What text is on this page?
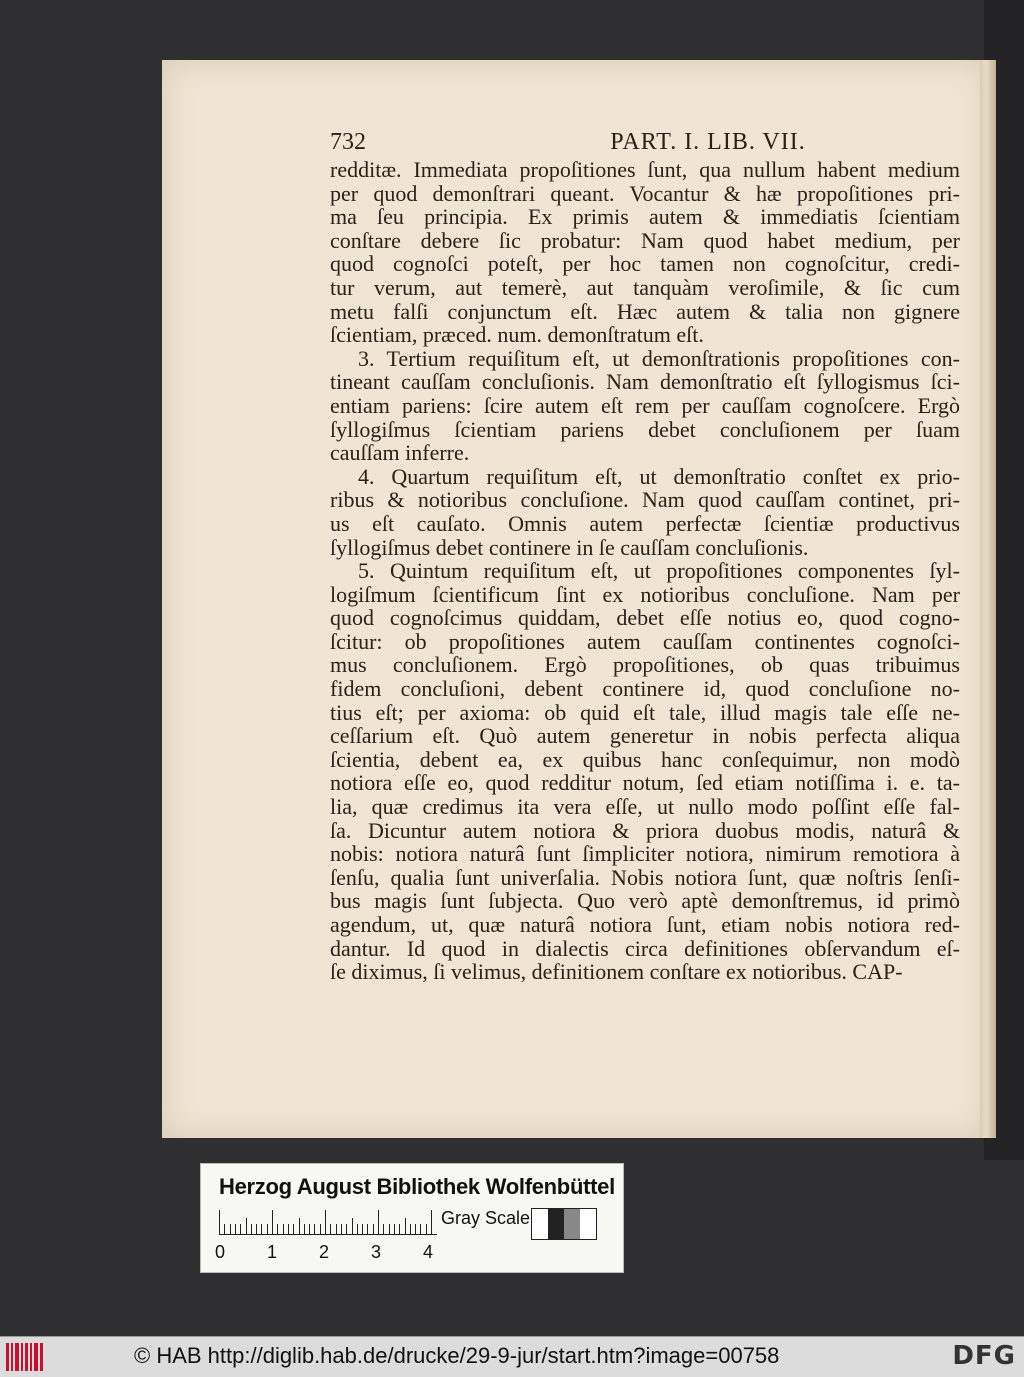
732	PART. I. LIB. VII.
redditæ. Immediata propoſitiones ſunt, qua nullum habent medium
per quod demonſtrari queant. Vocantur & hæ propoſitiones pri-
ma ſeu principia. Ex primis autem & immediatis ſcientiam
conſtare debere ſic probatur: Nam quod habet medium, per
quod cognoſci poteſt, per hoc tamen non cognoſcitur, credi-
tur verum, aut temerè, aut tanquàm veroſimile, & ſic cum
metu falſi conjunctum eſt. Hæc autem & talia non gignere
ſcientiam, præced. num. demonſtratum eſt.
3. Tertium requiſitum eſt, ut demonſtrationis propoſitiones con-
tineant cauſſam concluſionis. Nam demonſtratio eſt ſyllogismus ſci-
entiam pariens: ſcire autem eſt rem per cauſſam cognoſcere. Ergò
ſyllogiſmus ſcientiam pariens debet concluſionem per ſuam
cauſſam inferre.
4. Quartum requiſitum eſt, ut demonſtratio conſtet ex prio-
ribus & notioribus concluſione. Nam quod cauſſam continet, pri-
us eſt cauſato. Omnis autem perfectæ ſcientiæ productivus
ſyllogiſmus debet continere in ſe cauſſam concluſionis.
5. Quintum requiſitum eſt, ut propoſitiones componentes ſyl-
logiſmum ſcientificum ſint ex notioribus concluſione. Nam per
quod cognoſcimus quiddam, debet eſſe notius eo, quod cogno-
ſcitur: ob propoſitiones autem cauſſam continentes cognoſci-
mus concluſionem. Ergò propoſitiones, ob quas tribuimus
fidem concluſioni, debent continere id, quod concluſione no-
tius eſt; per axioma: ob quid eſt tale, illud magis tale eſſe ne-
ceſſarium eſt. Quò autem generetur in nobis perfecta aliqua
ſcientia, debent ea, ex quibus hanc conſequimur, non modò
notiora eſſe eo, quod redditur notum, ſed etiam notiſſima i. e. ta-
lia, quæ credimus ita vera eſſe, ut nullo modo poſſint eſſe fal-
ſa. Dicuntur autem notiora & priora duobus modis, naturâ &
nobis: notiora naturâ ſunt ſimpliciter notiora, nimirum remotiora à
ſenſu, qualia ſunt univerſalia. Nobis notiora ſunt, quæ noſtris ſenſi-
bus magis ſunt ſubjecta. Quo verò aptè demonſtremus, id primò
agendum, ut, quæ naturâ notiora ſunt, etiam nobis notiora red-
dantur. Id quod in dialectis circa definitiones obſervandum eſ-
ſe diximus, ſi velimus, definitionem conſtare ex notioribus. CAP-
Herzog August Bibliothek Wolfenbüttel
0 1 2 3 4
Gray Scale
© HAB http://diglib.hab.de/drucke/29-9-jur/start.htm?image=00758	DFG
